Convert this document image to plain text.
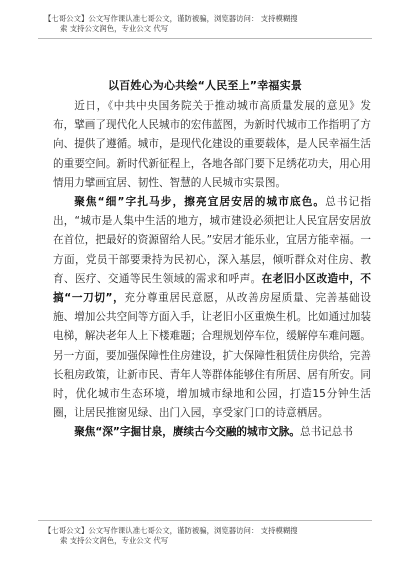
【七哥公文】公文写作课认准七哥公文，谨防被骗，浏览器访问： 支持模糊搜
索 支持公文润色，专业公文 代写
以百姓心为心共绘“人民至上”幸福实景

近日，《中共中央国务院关于推动城市高质量发展的意见》发布，擘画了现代化人民城市的宏伟蓝图，为新时代城市工作指明了方向、提供了遵循。城市，是现代化建设的重要载体，是人民幸福生活的重要空间。新时代新征程上，各地各部门要下足绣花功夫，用心用情用力擘画宜居、韧性、智慧的人民城市实景图。

聚焦“细”字扎马步，擦亮宜居安居的城市底色。总书记指出，“城市是人集中生活的地方，城市建设必须把让人民宜居安居放在首位，把最好的资源留给人民。”安居才能乐业，宜居方能幸福。一方面，党员干部要秉持为民初心，深入基层，倾听群众对住房、教育、医疗、交通等民生领域的需求和呼声。在老旧小区改造中，不搞“一刀切”，充分尊重居民意愿，从改善房屋质量、完善基础设施、增加公共空间等方面入手，让老旧小区重焕生机。比如通过加装电梯，解决老年人上下楼难题；合理规划停车位，缓解停车难问题。另一方面，要加强保障性住房建设，扩大保障性租赁住房供给，完善长租房政策，让新市民、青年人等群体能够住有所居、居有所安。同时，优化城市生态环境，增加城市绿地和公园，打造15分钟生活圈，让居民推窗见绿、出门入园，享受家门口的诗意栖居。

聚焦“深”字掘甘泉，赓续古今交融的城市文脉。总书记总书

【七哥公文】公文写作课认准七哥公文，谨防被骗，浏览器访问： 支持模糊搜
索 支持公文润色，专业公文 代写
